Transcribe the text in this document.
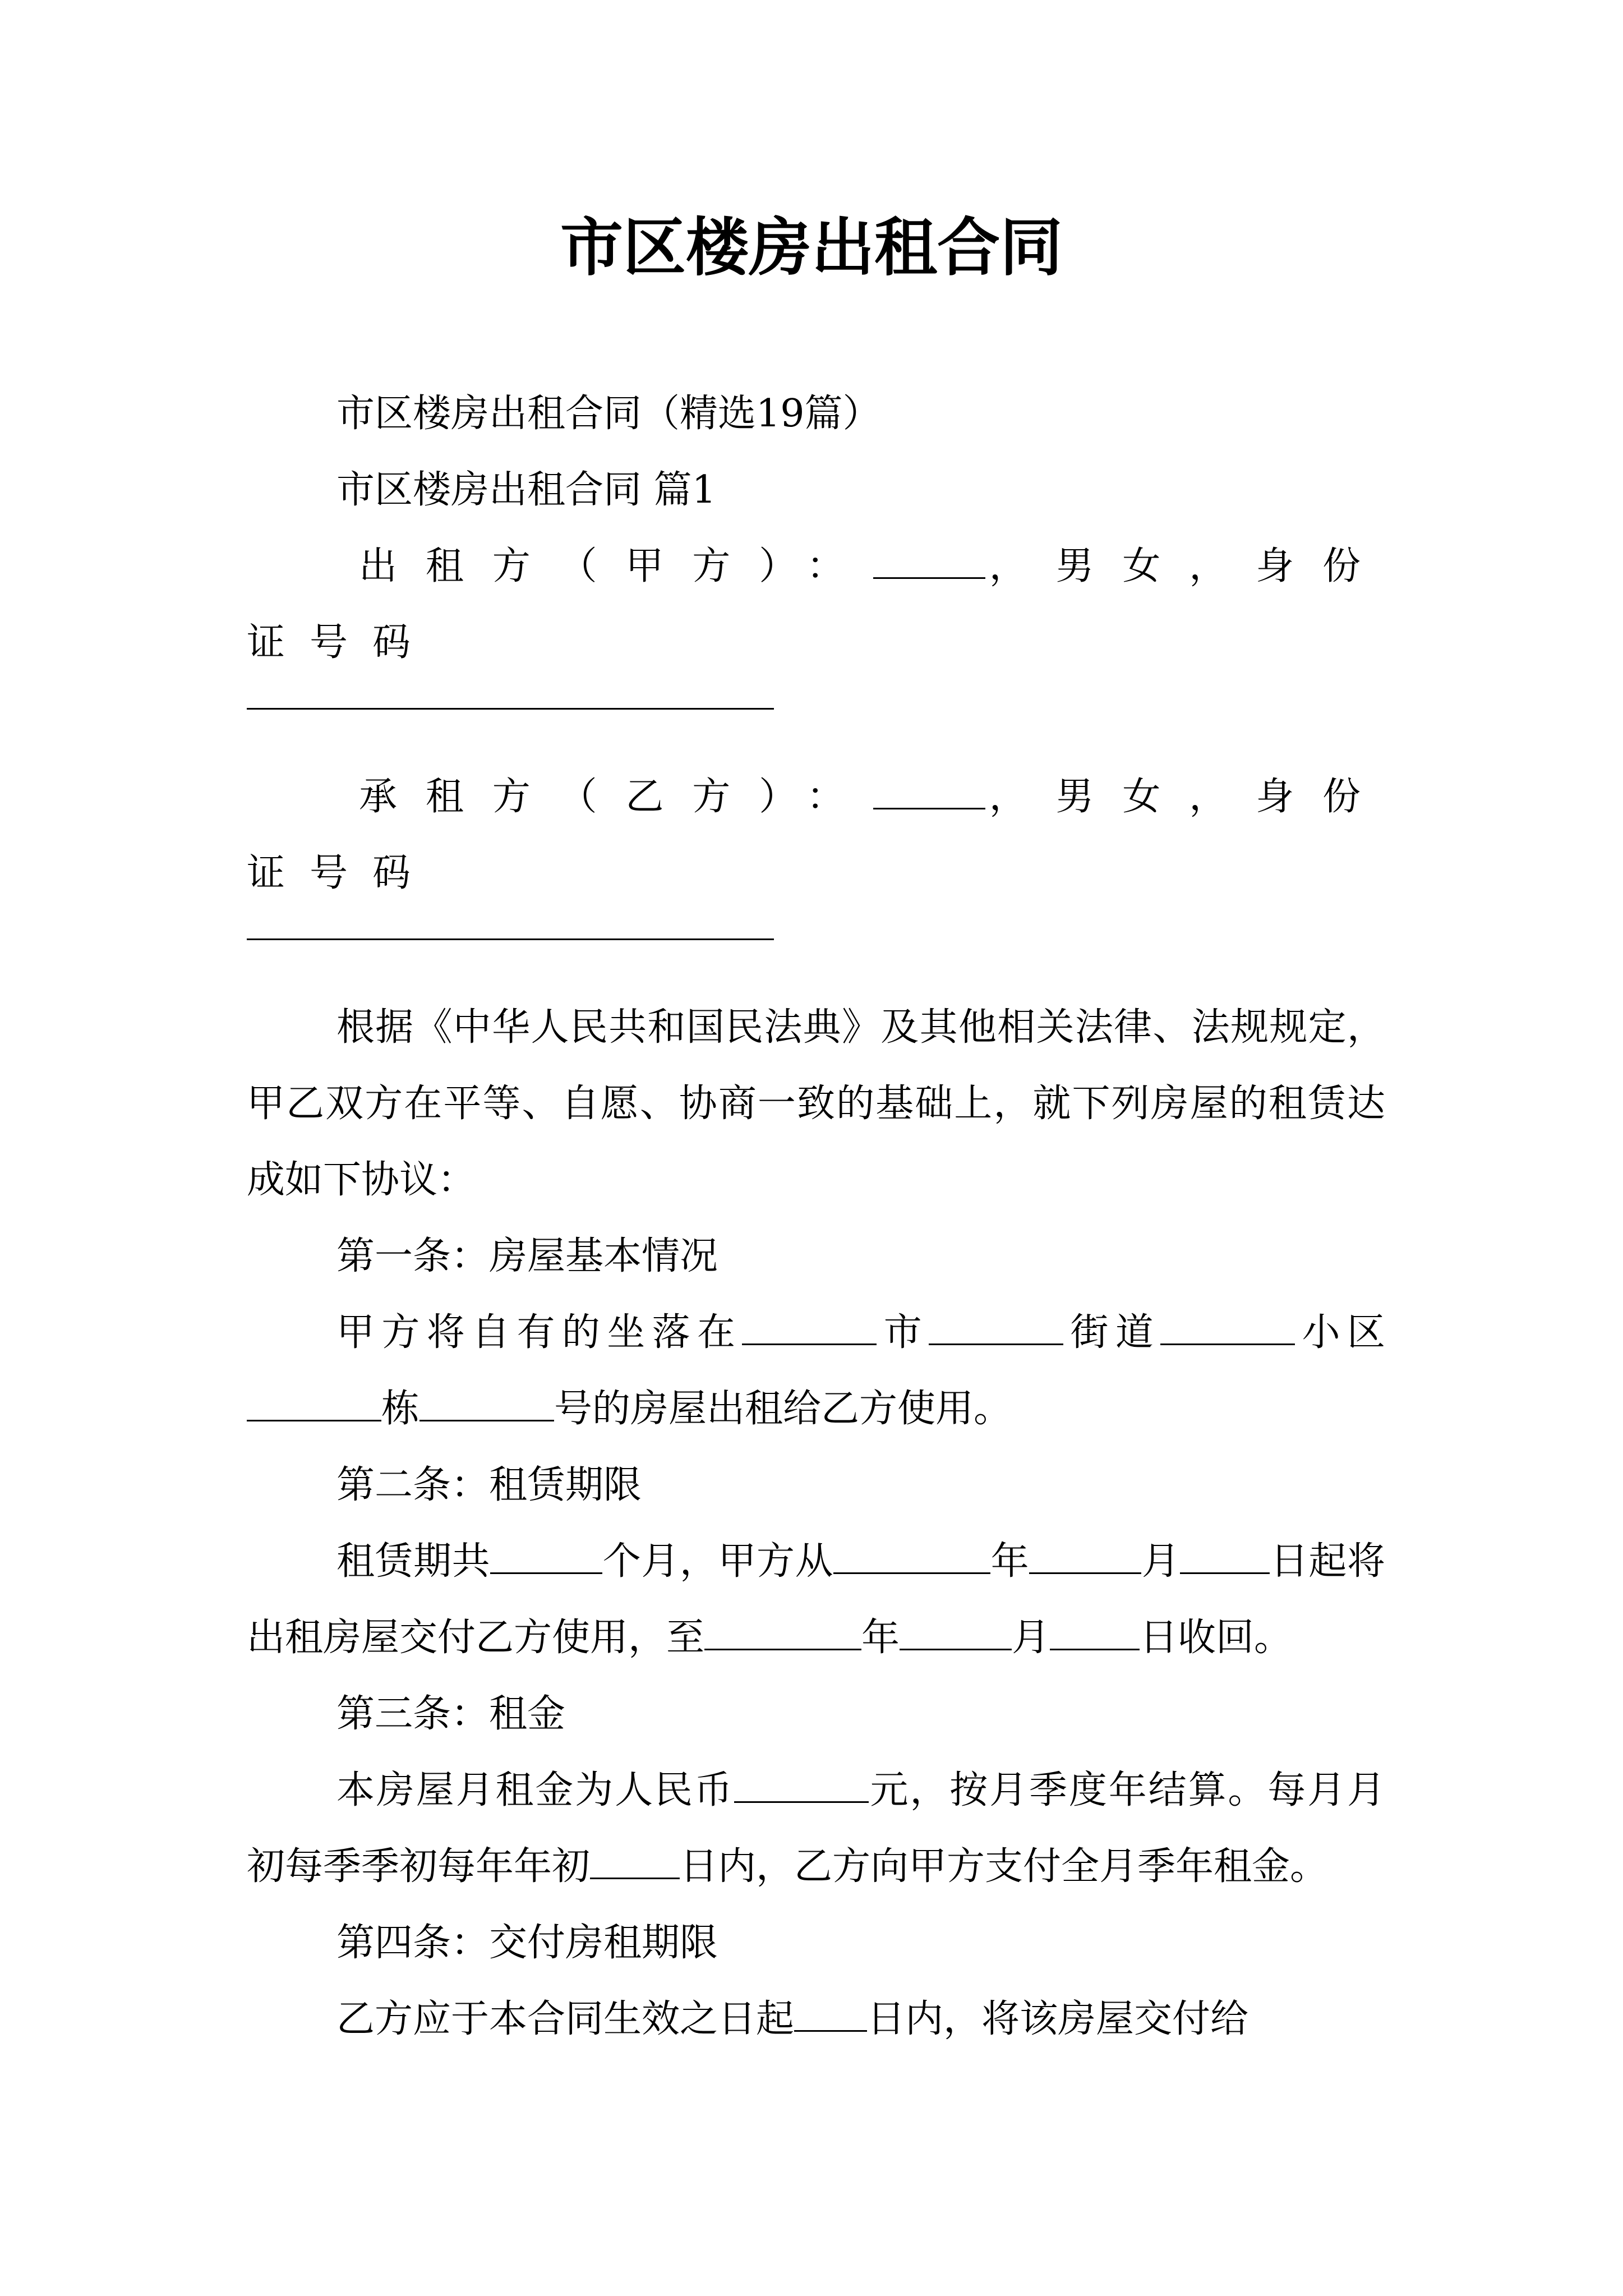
市区楼房出租合同

市区楼房出租合同（精选19篇）

市区楼房出租合同 篇1

出租方（甲方）：	，男女，身份证号码

承租方（乙方）：	，男女，身份证号码

根据《中华人民共和国民法典》及其他相关法律、法规规定，甲乙双方在平等、自愿、协商一致的基础上，就下列房屋的租赁达成如下协议：

第一条：房屋基本情况

甲方将自有的坐落在	市	街道	小区栋	号的房屋出租给乙方使用。

第二条：租赁期限

租赁期共	个月，甲方从	年	月 日起将出租房屋交付乙方使用，至	年	月 日收回。

第三条：租金

本房屋月租金为人民币	元，按月季度年结算。每月月初每季季初每年年初 日内，乙方向甲方支付全月季年租金。

第四条：交付房租期限

乙方应于本合同生效之日起 日内，将该房屋交付给
